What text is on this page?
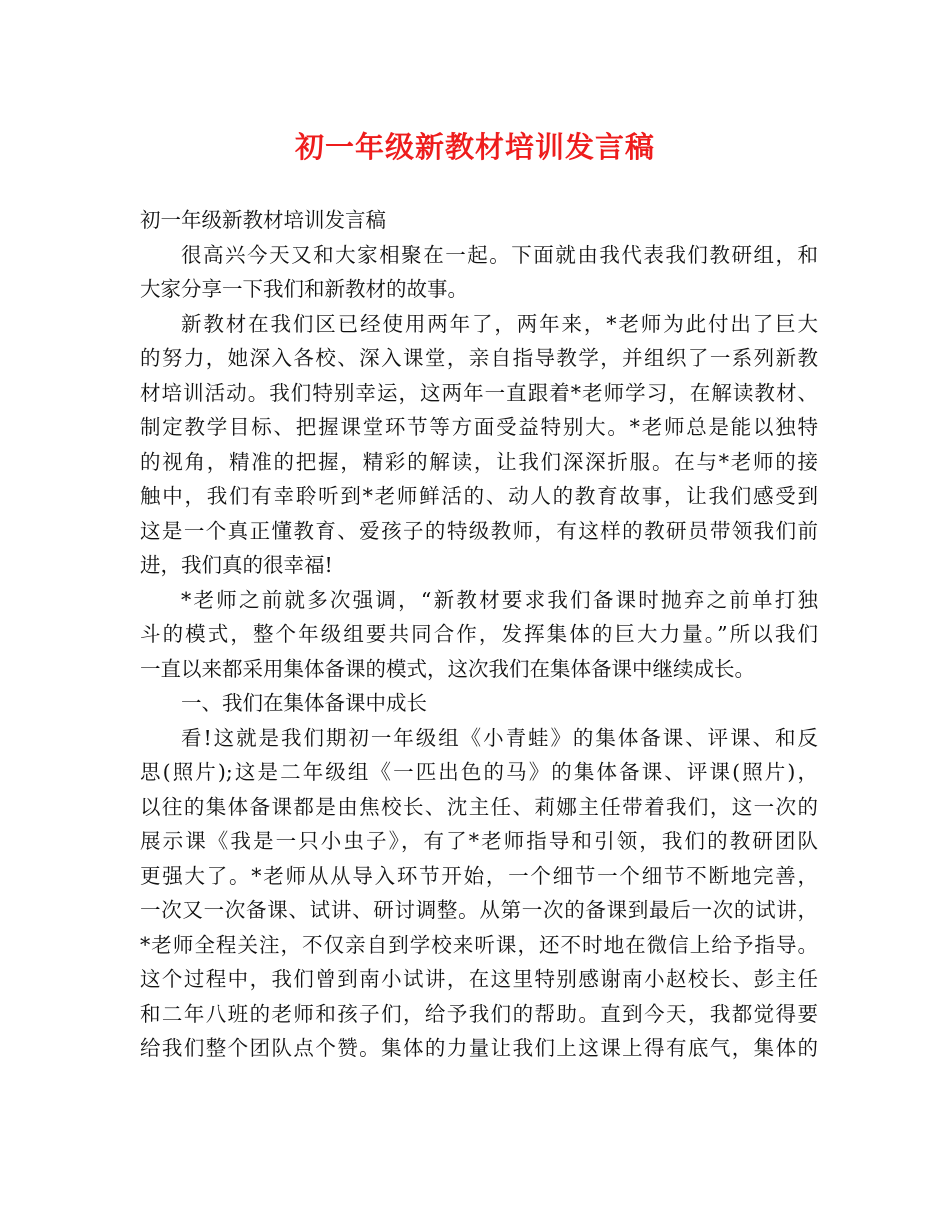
初一年级新教材培训发言稿
初一年级新教材培训发言稿
很高兴今天又和大家相聚在一起。下面就由我代表我们教研组，和
大家分享一下我们和新教材的故事。
新教材在我们区已经使用两年了，两年来，*老师为此付出了巨大
的努力，她深入各校、深入课堂，亲自指导教学，并组织了一系列新教
材培训活动。我们特别幸运，这两年一直跟着*老师学习，在解读教材、
制定教学目标、把握课堂环节等方面受益特别大。*老师总是能以独特
的视角，精准的把握，精彩的解读，让我们深深折服。在与*老师的接
触中，我们有幸聆听到*老师鲜活的、动人的教育故事，让我们感受到
这是一个真正懂教育、爱孩子的特级教师，有这样的教研员带领我们前
进，我们真的很幸福!
*老师之前就多次强调，“新教材要求我们备课时抛弃之前单打独
斗的模式，整个年级组要共同合作，发挥集体的巨大力量。”所以我们
一直以来都采用集体备课的模式，这次我们在集体备课中继续成长。
一、我们在集体备课中成长
看!这就是我们期初一年级组《小青蛙》的集体备课、评课、和反
思(照片);这是二年级组《一匹出色的马》的集体备课、评课(照片)，
以往的集体备课都是由焦校长、沈主任、莉娜主任带着我们，这一次的
展示课《我是一只小虫子》，有了*老师指导和引领，我们的教研团队
更强大了。*老师从从导入环节开始，一个细节一个细节不断地完善，
一次又一次备课、试讲、研讨调整。从第一次的备课到最后一次的试讲，
*老师全程关注，不仅亲自到学校来听课，还不时地在微信上给予指导。
这个过程中，我们曾到南小试讲，在这里特别感谢南小赵校长、彭主任
和二年八班的老师和孩子们，给予我们的帮助。直到今天，我都觉得要
给我们整个团队点个赞。集体的力量让我们上这课上得有底气，集体的
